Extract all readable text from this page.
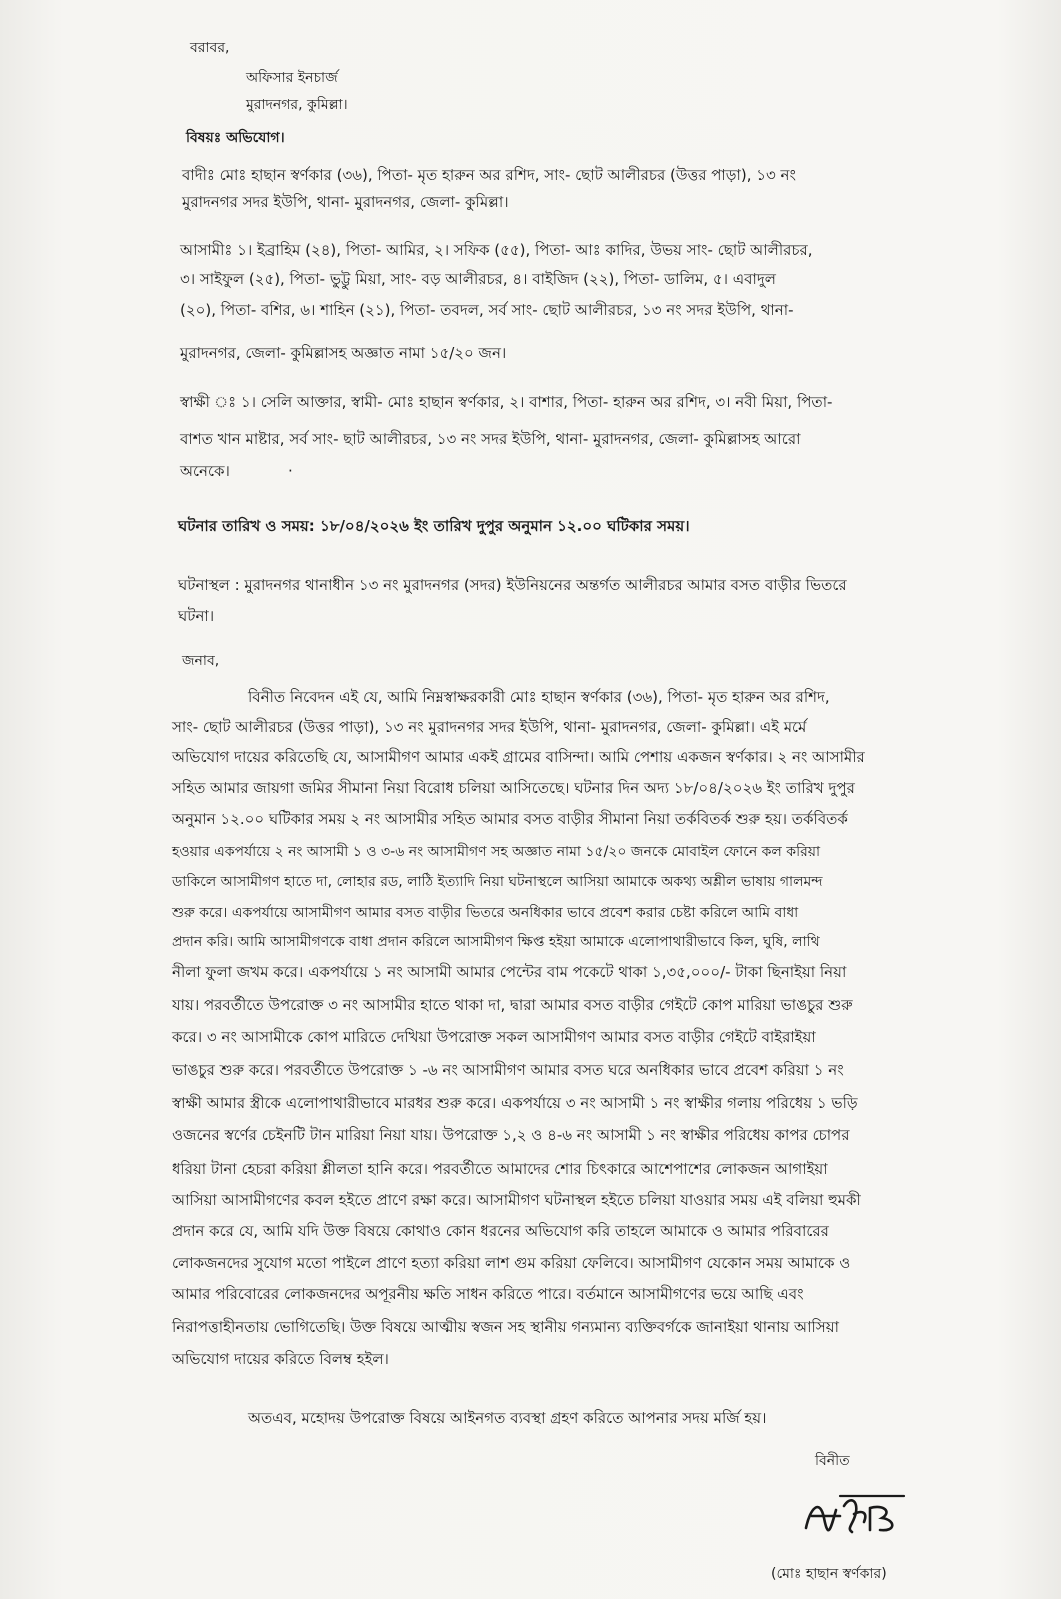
বরাবর,
অফিসার ইনচার্জ
মুরাদনগর, কুমিল্লা।
বিষয়ঃ অভিযোগ।
বাদীঃ মোঃ হাছান স্বর্ণকার (৩৬), পিতা- মৃত হারুন অর রশিদ, সাং- ছোট আলীরচর (উত্তর পাড়া), ১৩ নং
মুরাদনগর সদর ইউপি, থানা- মুরাদনগর, জেলা- কুমিল্লা।
আসামীঃ ১। ইব্রাহিম (২৪), পিতা- আমির, ২। সফিক (৫৫), পিতা- আঃ কাদির, উভয় সাং- ছোট আলীরচর,
৩। সাইফুল (২৫), পিতা- ভুট্টু মিয়া, সাং- বড় আলীরচর, ৪। বাইজিদ (২২), পিতা- ডালিম, ৫। এবাদুল
(২০), পিতা- বশির, ৬। শাহিন (২১), পিতা- তবদল, সর্ব সাং- ছোট আলীরচর, ১৩ নং সদর ইউপি, থানা-
মুরাদনগর, জেলা- কুমিল্লাসহ অজ্ঞাত নামা ১৫/২০ জন।
স্বাক্ষী ঃ ১। সেলি আক্তার, স্বামী- মোঃ হাছান স্বর্ণকার, ২। বাশার, পিতা- হারুন অর রশিদ, ৩। নবী মিয়া, পিতা-
বাশত খান মাষ্টার, সর্ব সাং- ছাট আলীরচর, ১৩ নং সদর ইউপি, থানা- মুরাদনগর, জেলা- কুমিল্লাসহ আরো
অনেকে।	·
ঘটনার তারিখ ও সময়: ১৮/০৪/২০২৬ ইং তারিখ দুপুর অনুমান ১২.০০ ঘটিকার সময়।
ঘটনাস্থল : মুরাদনগর থানাধীন ১৩ নং মুরাদনগর (সদর) ইউনিয়নের অন্তর্গত আলীরচর আমার বসত বাড়ীর ভিতরে
ঘটনা।
জনাব,
বিনীত নিবেদন এই যে, আমি নিম্নস্বাক্ষরকারী মোঃ হাছান স্বর্ণকার (৩৬), পিতা- মৃত হারুন অর রশিদ,
সাং- ছোট আলীরচর (উত্তর পাড়া), ১৩ নং মুরাদনগর সদর ইউপি, থানা- মুরাদনগর, জেলা- কুমিল্লা। এই মর্মে
অভিযোগ দায়ের করিতেছি যে, আসামীগণ আমার একই গ্রামের বাসিন্দা। আমি পেশায় একজন স্বর্ণকার। ২ নং আসামীর
সহিত আমার জায়গা জমির সীমানা নিয়া বিরোধ চলিয়া আসিতেছে। ঘটনার দিন অদ্য ১৮/০৪/২০২৬ ইং তারিখ দুপুর
অনুমান ১২.০০ ঘটিকার সময় ২ নং আসামীর সহিত আমার বসত বাড়ীর সীমানা নিয়া তর্কবিতর্ক শুরু হয়। তর্কবিতর্ক
হওয়ার একপর্যায়ে ২ নং আসামী ১ ও ৩-৬ নং আসামীগণ সহ অজ্ঞাত নামা ১৫/২০ জনকে মোবাইল ফোনে কল করিয়া
ডাকিলে আসামীগণ হাতে দা, লোহার রড, লাঠি ইত্যাদি নিয়া ঘটনাস্থলে আসিয়া আমাকে অকথ্য অশ্লীল ভাষায় গালমন্দ
শুরু করে। একপর্যায়ে আসামীগণ আমার বসত বাড়ীর ভিতরে অনধিকার ভাবে প্রবেশ করার চেষ্টা করিলে আমি বাধা
প্রদান করি। আমি আসামীগণকে বাধা প্রদান করিলে আসামীগণ ক্ষিপ্ত হইয়া আমাকে এলোপাথারীভাবে কিল, ঘুষি, লাথি
নীলা ফুলা জখম করে। একপর্যায়ে ১ নং আসামী আমার পেন্টের বাম পকেটে থাকা ১,৩৫,০০০/- টাকা ছিনাইয়া নিয়া
যায়। পরবর্তীতে উপরোক্ত ৩ নং আসামীর হাতে থাকা দা, দ্বারা আমার বসত বাড়ীর গেইটে কোপ মারিয়া ভাঙচুর শুরু
করে। ৩ নং আসামীকে কোপ মারিতে দেখিয়া উপরোক্ত সকল আসামীগণ আমার বসত বাড়ীর গেইটে বাইরাইয়া
ভাঙচুর শুরু করে। পরবর্তীতে উপরোক্ত ১ -৬ নং আসামীগণ আমার বসত ঘরে অনধিকার ভাবে প্রবেশ করিয়া ১ নং
স্বাক্ষী আমার স্ত্রীকে এলোপাথারীভাবে মারধর শুরু করে। একপর্যায়ে ৩ নং আসামী ১ নং স্বাক্ষীর গলায় পরিধেয় ১ ভড়ি
ওজনের স্বর্ণের চেইনটি টান মারিয়া নিয়া যায়। উপরোক্ত ১,২ ও ৪-৬ নং আসামী ১ নং স্বাক্ষীর পরিধেয় কাপর চোপর
ধরিয়া টানা হেচরা করিয়া শ্লীলতা হানি করে। পরবর্তীতে আমাদের শোর চিৎকারে আশেপাশের লোকজন আগাইয়া
আসিয়া আসামীগণের কবল হইতে প্রাণে রক্ষা করে। আসামীগণ ঘটনাস্থল হইতে চলিয়া যাওয়ার সময় এই বলিয়া হুমকী
প্রদান করে যে, আমি যদি উক্ত বিষয়ে কোথাও কোন ধরনের অভিযোগ করি তাহলে আমাকে ও আমার পরিবারের
লোকজনদের সুযোগ মতো পাইলে প্রাণে হত্যা করিয়া লাশ গুম করিয়া ফেলিবে। আসামীগণ যেকোন সময় আমাকে ও
আমার পরিবোরের লোকজনদের অপূরনীয় ক্ষতি সাধন করিতে পারে। বর্তমানে আসামীগণের ভয়ে আছি এবং
নিরাপত্তাহীনতায় ভোগিতেছি। উক্ত বিষয়ে আত্মীয় স্বজন সহ স্থানীয় গন্যমান্য ব্যক্তিবর্গকে জানাইয়া থানায় আসিয়া
অভিযোগ দায়ের করিতে বিলম্ব হইল।
অতএব, মহোদয় উপরোক্ত বিষয়ে আইনগত ব্যবস্থা গ্রহণ করিতে আপনার সদয় মর্জি হয়।
বিনীত
(মোঃ হাছান স্বর্ণকার)
